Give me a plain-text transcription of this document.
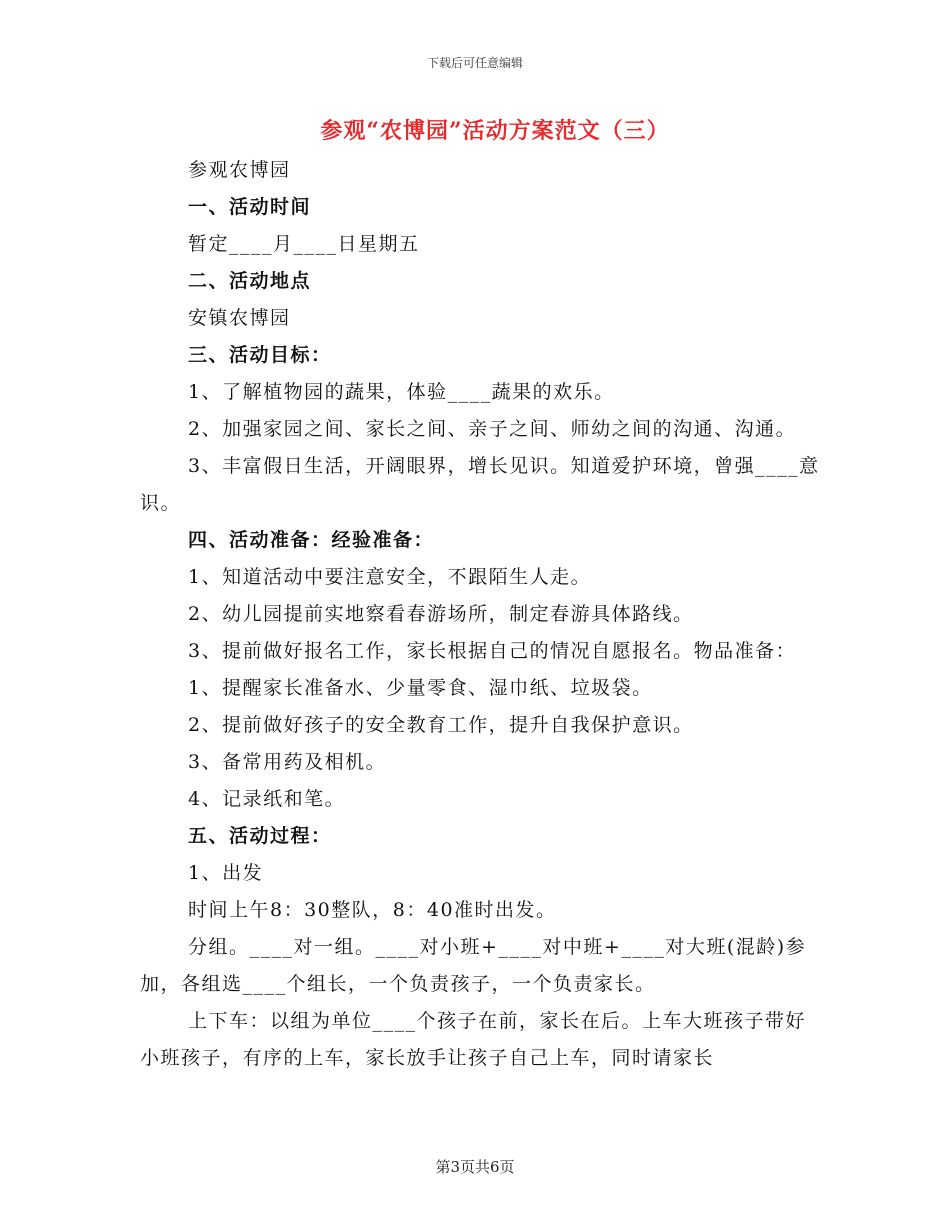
下载后可任意编辑
参观“农博园”活动方案范文（三）

参观农博园

一、活动时间

暂定____月____日星期五

二、活动地点

安镇农博园

三、活动目标：

1、了解植物园的蔬果，体验____蔬果的欢乐。

2、加强家园之间、家长之间、亲子之间、师幼之间的沟通、沟通。

3、丰富假日生活，开阔眼界，增长见识。知道爱护环境，曾强____意识。

四、活动准备：经验准备：

1、知道活动中要注意安全，不跟陌生人走。

2、幼儿园提前实地察看春游场所，制定春游具体路线。

3、提前做好报名工作，家长根据自己的情况自愿报名。物品准备：

1、提醒家长准备水、少量零食、湿巾纸、垃圾袋。

2、提前做好孩子的安全教育工作，提升自我保护意识。

3、备常用药及相机。

4、记录纸和笔。

五、活动过程：

1、出发

时间上午8：30整队，8：40准时出发。

分组。____对一组。____对小班+____对中班+____对大班(混龄)参加，各组选____个组长，一个负责孩子，一个负责家长。

上下车：以组为单位____个孩子在前，家长在后。上车大班孩子带好小班孩子，有序的上车，家长放手让孩子自己上车，同时请家长

第3页共6页
